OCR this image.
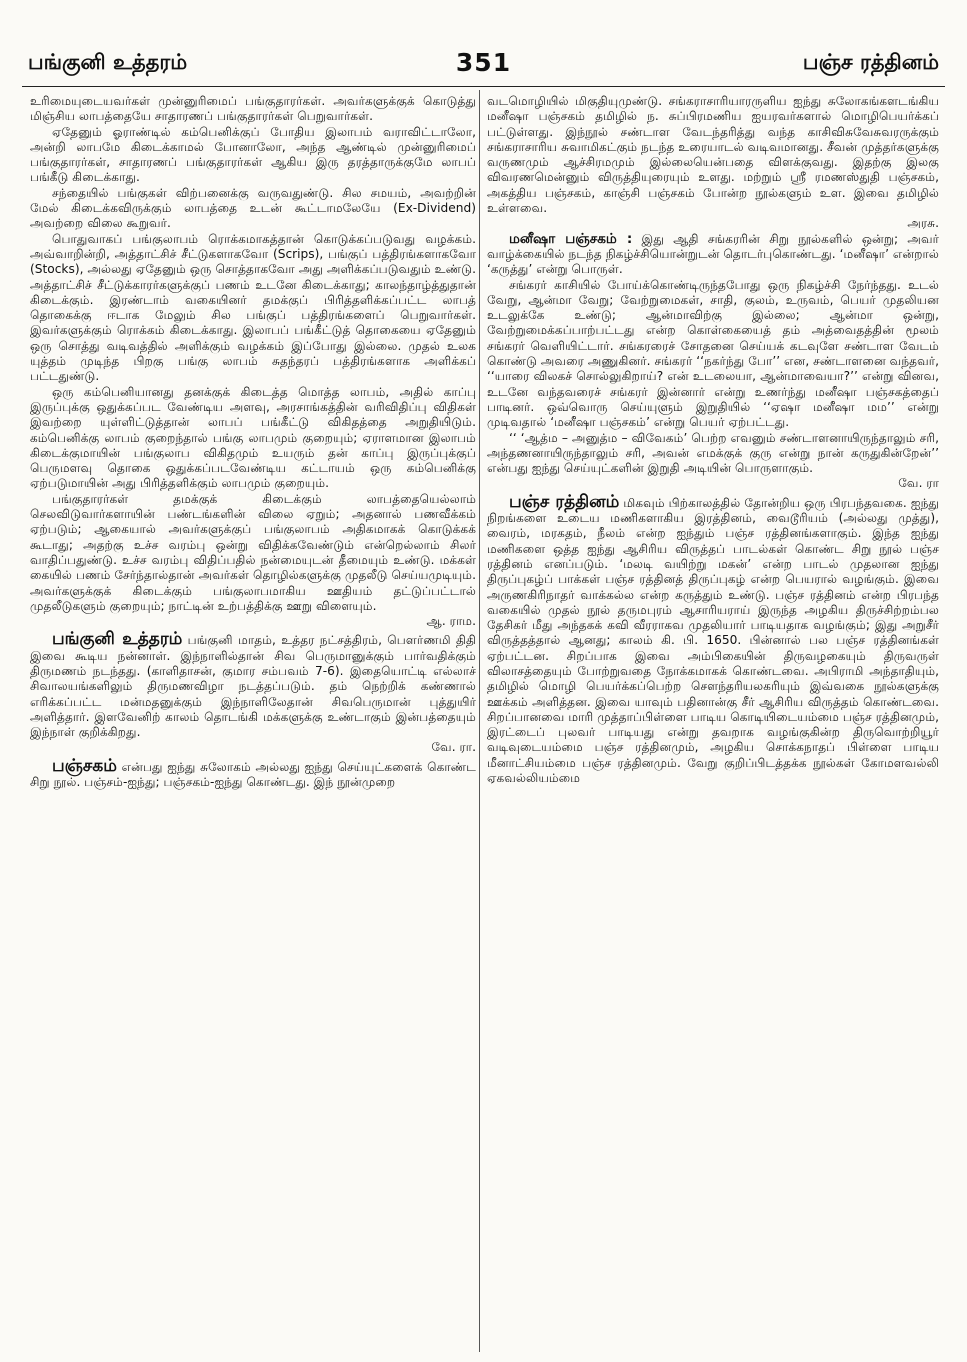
பங்குனி உத்தரம்	351	பஞ்ச ரத்தினம்

உரிமையுடையவர்கள் முன்னுரிமைப் பங்குதாரர்கள். அவர்களுக்குக் கொடுத்து மிஞ்சிய லாபத்தையே சாதாரணப் பங்குதாரர்கள் பெறுவார்கள்.

ஏதேனும் ஓராண்டில் கம்பெனிக்குப் போதிய இலாபம் வராவிட்டாலோ, அன்றி லாபமே கிடைக்காமல் போனாலோ, அந்த ஆண்டில் முன்னுரிமைப் பங்குதாரர்கள், சாதாரணப் பங்குதாரர்கள் ஆகிய இரு தரத்தாருக்குமே லாபப் பங்கீடு கிடைக்காது.

சந்தையில் பங்குகள் விற்பனைக்கு வருவதுண்டு. சில சமயம், அவற்றின் மேல் கிடைக்கவிருக்கும் லாபத்தை உடன் கூட்டாமலேயே (Ex-Dividend) அவற்றை விலை கூறுவர்.

பொதுவாகப் பங்குலாபம் ரொக்கமாகத்தான் கொடுக்கப்படுவது வழக்கம். அவ்வாறின்றி, அத்தாட்சிச் சீட்டுகளாகவோ (Scrips), பங்குப் பத்திரங்களாகவோ (Stocks), அல்லது ஏதேனும் ஒரு சொத்தாகவோ அது அளிக்கப்படுவதும் உண்டு. அத்தாட்சிச் சீட்டுக்காரர்களுக்குப் பணம் உடனே கிடைக்காது; காலந்தாழ்த்துதான் கிடைக்கும். இரண்டாம் வகையினர் தமக்குப் பிரித்தளிக்கப்பட்ட லாபத் தொகைக்கு ஈடாக மேலும் சில பங்குப் பத்திரங்களைப் பெறுவார்கள். இவர்களுக்கும் ரொக்கம் கிடைக்காது. இலாபப் பங்கீட்டுத் தொகையை ஏதேனும் ஒரு சொத்து வடிவத்தில் அளிக்கும் வழக்கம் இப்போது இல்லை. முதல் உலக யுத்தம் முடிந்த பிறகு பங்கு லாபம் சுதந்தரப் பத்திரங்களாக அளிக்கப் பட்டதுண்டு.

ஒரு கம்பெனியானது தனக்குக் கிடைத்த மொத்த லாபம், அதில் காப்பு இருப்புக்கு ஒதுக்கப்பட வேண்டிய அளவு, அரசாங்கத்தின் வரிவிதிப்பு விதிகள் இவற்றை யுள்ளிட்டுத்தான் லாபப் பங்கீட்டு விகிதத்தை அறுதியிடும். கம்பெனிக்கு லாபம் குறைந்தால் பங்கு லாபமும் குறையும்; ஏராளமான இலாபம் கிடைக்குமாயின் பங்குலாப விகிதமும் உயரும் தன் காப்பு இருப்புக்குப் பெருமளவு தொகை ஒதுக்கப்படவேண்டிய கட்டாயம் ஒரு கம்பெனிக்கு ஏற்படுமாயின் அது பிரித்தளிக்கும் லாபமும் குறையும்.

பங்குதாரர்கள் தமக்குக் கிடைக்கும் லாபத்தையெல்லாம் செலவிடுவார்களாயின் பண்டங்களின் விலை ஏறும்; அதனால் பணவீக்கம் ஏற்படும்; ஆகையால் அவர்களுக்குப் பங்குலாபம் அதிகமாகக் கொடுக்கக் கூடாது; அதற்கு உச்ச வரம்பு ஒன்று விதிக்கவேண்டும் என்றெல்லாம் சிலர் வாதிப்பதுண்டு. உச்ச வரம்பு விதிப்பதில் நன்மையுடன் தீமையும் உண்டு. மக்கள் கையில் பணம் சேர்ந்தால்தான் அவர்கள் தொழில்களுக்கு முதலீடு செய்யமுடியும். அவர்களுக்குக் கிடைக்கும் பங்குலாபமாகிய ஊதியம் தட்டுப்பட்டால் முதலீடுகளும் குறையும்; நாட்டின் உற்பத்திக்கு ஊறு விளையும்.

ஆ. ராம.

பங்குனி உத்தரம் பங்குனி மாதம், உத்தர நட்சத்திரம், பௌர்ணமி திதி இவை கூடிய நன்னாள். இந்நாளில்தான் சிவ பெருமானுக்கும் பார்வதிக்கும் திருமணம் நடந்தது. (காளிதாசன், குமார சம்பவம் 7-6). இதையொட்டி எல்லாச் சிவாலயங்களிலும் திருமணவிழா நடத்தப்படும். தம் நெற்றிக் கண்ணால் எரிக்கப்பட்ட மன்மதனுக்கும் இந்நாளிலேதான் சிவபெருமான் புத்துயிர் அளித்தார். இளவேனிற் காலம் தொடங்கி மக்களுக்கு உண்டாகும் இன்பத்தையும் இந்நாள் குறிக்கிறது.

வே. ரா.

பஞ்சகம் என்பது ஐந்து சுலோகம் அல்லது ஐந்து செய்யுட்களைக் கொண்ட சிறு நூல். பஞ்சம்-ஐந்து; பஞ்சகம்-ஐந்து கொண்டது. இந் நூன்முறை

வடமொழியில் மிகுதியுமுண்டு. சங்கராசாரியாரருளிய ஐந்து சுலோகங்களடங்கிய மனீஷா பஞ்சகம் தமிழில் ந. சுப்பிரமணிய ஐயரவர்களால் மொழிபெயர்க்கப் பட்டுள்ளது. இந்நூல் சண்டாள வேடந்தரித்து வந்த காசிவிசுவேசுவரருக்கும் சங்கராசாரிய சுவாமிகட்கும் நடந்த உரையாடல் வடிவமானது. சீவன் முத்தர்களுக்கு வருணமும் ஆச்சிரமமும் இல்லையென்பதை விளக்குவது. இதற்கு இலகு விவரணமென்னும் விருத்தியுரையும் உளது. மற்றும் ஸ்ரீ ரமணஸ்துதி பஞ்சகம், அகத்திய பஞ்சகம், காஞ்சி பஞ்சகம் போன்ற நூல்களும் உள. இவை தமிழில் உள்ளவை.

அரசு.

மனீஷா பஞ்சகம் : இது ஆதி சங்கரரின் சிறு நூல்களில் ஒன்று; அவர் வாழ்க்கையில் நடந்த நிகழ்ச்சியொன்றுடன் தொடர்புகொண்டது. ‘மனீஷா’ என்றால் ‘கருத்து’ என்று பொருள்.

சங்கரர் காசியில் போய்க்கொண்டிருந்தபோது ஒரு நிகழ்ச்சி நேர்ந்தது. உடல் வேறு, ஆன்மா வேறு; வேற்றுமைகள், சாதி, குலம், உருவம், பெயர் முதலியன உடலுக்கே உண்டு; ஆன்மாவிற்கு இல்லை; ஆன்மா ஒன்று, வேற்றுமைக்கப்பாற்பட்டது என்ற கொள்கையைத் தம் அத்வைதத்தின் மூலம் சங்கரர் வெளியிட்டார். சங்கரரைச் சோதனை செய்யக் கடவுளே சண்டாள வேடம் கொண்டு அவரை அணுகினர். சங்கரர் ‘‘நகர்ந்து போ’’ என, சண்டாளனை வந்தவர், ‘‘யாரை விலகச் சொல்லுகிறாய்? என் உடலையா, ஆன்மாவையா?’’ என்று வினவ, உடனே வந்தவரைச் சங்கரர் இன்னார் என்று உணர்ந்து மனீஷா பஞ்சகத்தைப் பாடினர். ஒவ்வொரு செய்யுளும் இறுதியில் ‘‘ஏஷா மனீஷா மம’’ என்று முடிவதால் ‘மனீஷா பஞ்சகம்’ என்று பெயர் ஏற்பட்டது.

‘‘ ‘ஆத்ம – அனுத்ம – விவேகம்’ பெற்ற எவனும் சண்டாளனாயிருந்தாலும் சரி, அந்தணனாயிருந்தாலும் சரி, அவன் எமக்குக் குரு என்று நான் கருதுகின்றேன்’’ என்பது ஐந்து செய்யுட்களின் இறுதி அடியின் பொருளாகும்.

வே. ரா

பஞ்ச ரத்தினம் மிகவும் பிற்காலத்தில் தோன்றிய ஒரு பிரபந்தவகை. ஐந்து நிறங்களை உடைய மணிகளாகிய இரத்தினம், வைடூரியம் (அல்லது முத்து), வைரம், மரகதம், நீலம் என்ற ஐந்தும் பஞ்ச ரத்தினங்களாகும். இந்த ஐந்து மணிகளை ஒத்த ஐந்து ஆசிரிய விருத்தப் பாடல்கள் கொண்ட சிறு நூல் பஞ்ச ரத்தினம் எனப்படும். ‘மலடி வயிற்று மகன்’ என்ற பாடல் முதலான ஐந்து திருப்புகழ்ப் பாக்கள் பஞ்ச ரத்தினத் திருப்புகழ் என்ற பெயரால் வழங்கும். இவை அருணகிரிநாதர் வாக்கல்ல என்ற கருத்தும் உண்டு. பஞ்ச ரத்தினம் என்ற பிரபந்த வகையில் முதல் நூல் தருமபுரம் ஆசாரியராய் இருந்த அழகிய திருச்சிற்றம்பல தேசிகர் மீது அந்தகக் கவி வீரராகவ முதலியார் பாடியதாக வழங்கும்; இது அறுசீர் விருத்தத்தால் ஆனது; காலம் கி. பி. 1650. பின்னால் பல பஞ்ச ரத்தினங்கள் ஏற்பட்டன. சிறப்பாக இவை அம்பிகையின் திருவழகையும் திருவருள் விலாசத்தையும் போற்றுவதை நோக்கமாகக் கொண்டவை. அபிராமி அந்தாதியும், தமிழில் மொழி பெயர்க்கப்பெற்ற சௌந்தரியலகரியும் இவ்வகை நூல்களுக்கு ஊக்கம் அளித்தன. இவை யாவும் பதினான்கு சீர் ஆசிரிய விருத்தம் கொண்டவை. சிறப்பானவை மாரி முத்தாப்பிள்ளை பாடிய கொடியிடையம்மை பஞ்ச ரத்தினமும், இரட்டைப் புலவர் பாடியது என்று தவறாக வழங்குகின்ற திருவொற்றியூர் வடிவுடையம்மை பஞ்ச ரத்தினமும், அழகிய சொக்கநாதப் பிள்ளை பாடிய மீனாட்சியம்மை பஞ்ச ரத்தினமும். வேறு குறிப்பிடத்தக்க நூல்கள் கோமளவல்லி ஏகவல்லியம்மை
